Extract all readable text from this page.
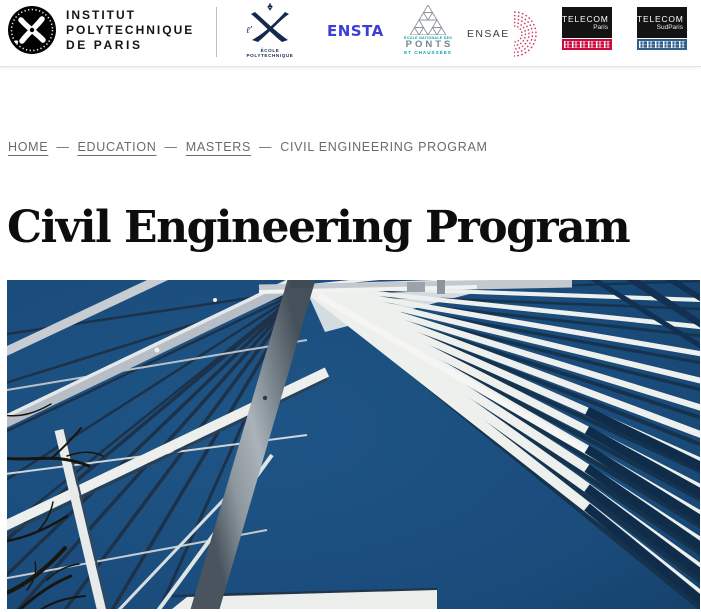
INSTITUT
POLYTECHNIQUE
DE PARIS
ℓ’
ÉCOLE
POLYTECHNIQUE
ENSTA	ÉCOLE NATIONALE DES
PONTS
ET CHAUSSÉES
ENSAE
TELECOM
Paris
TELECOM
SudParis
HOME — EDUCATION — MASTERS — CIVIL ENGINEERING PROGRAM
Civil Engineering Program
